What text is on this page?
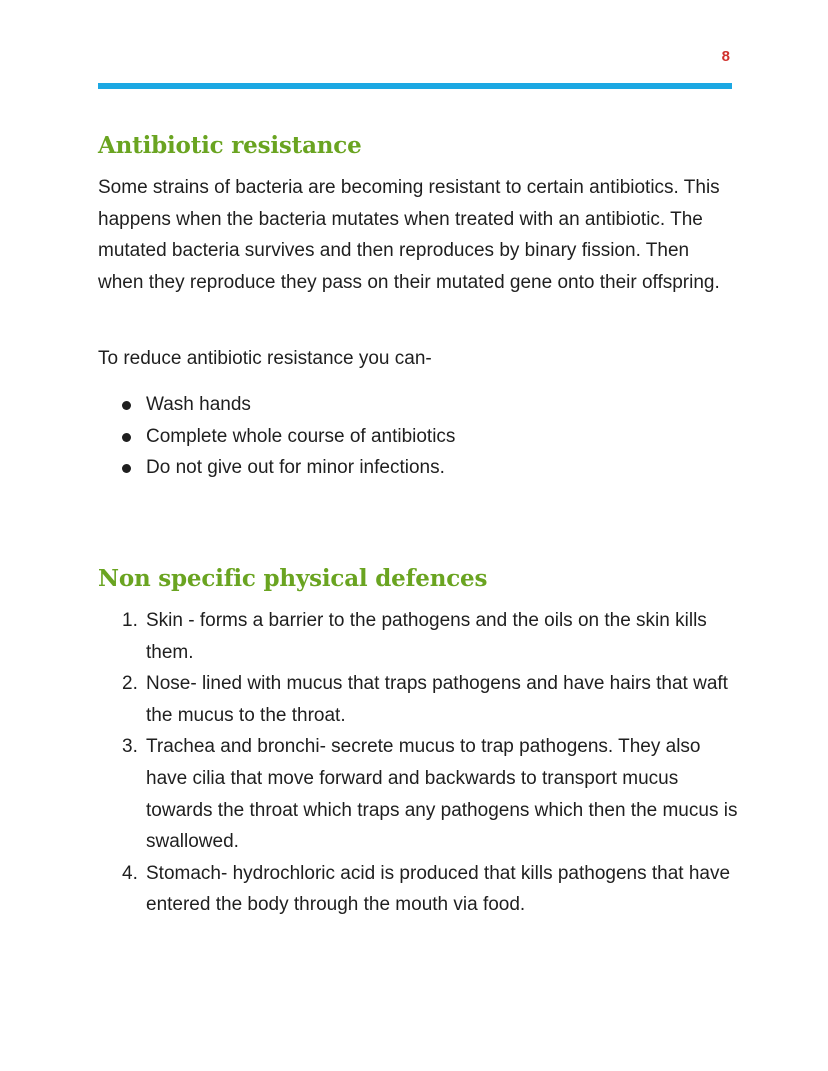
8
Antibiotic resistance

Some strains of bacteria are becoming resistant to certain antibiotics. This happens when the bacteria mutates when treated with an antibiotic. The mutated bacteria survives and then reproduces by binary fission. Then when they reproduce they pass on their mutated gene onto their offspring.

To reduce antibiotic resistance you can-

Wash hands
Complete whole course of antibiotics
Do not give out for minor infections.
Non specific physical defences
1. Skin - forms a barrier to the pathogens and the oils on the skin kills them.
2. Nose- lined with mucus that traps pathogens and have hairs that waft the mucus to the throat.
3. Trachea and bronchi- secrete mucus to trap pathogens. They also have cilia that move forward and backwards to transport mucus towards the throat which traps any pathogens which then the mucus is swallowed.
4. Stomach- hydrochloric acid is produced that kills pathogens that have entered the body through the mouth via food.
